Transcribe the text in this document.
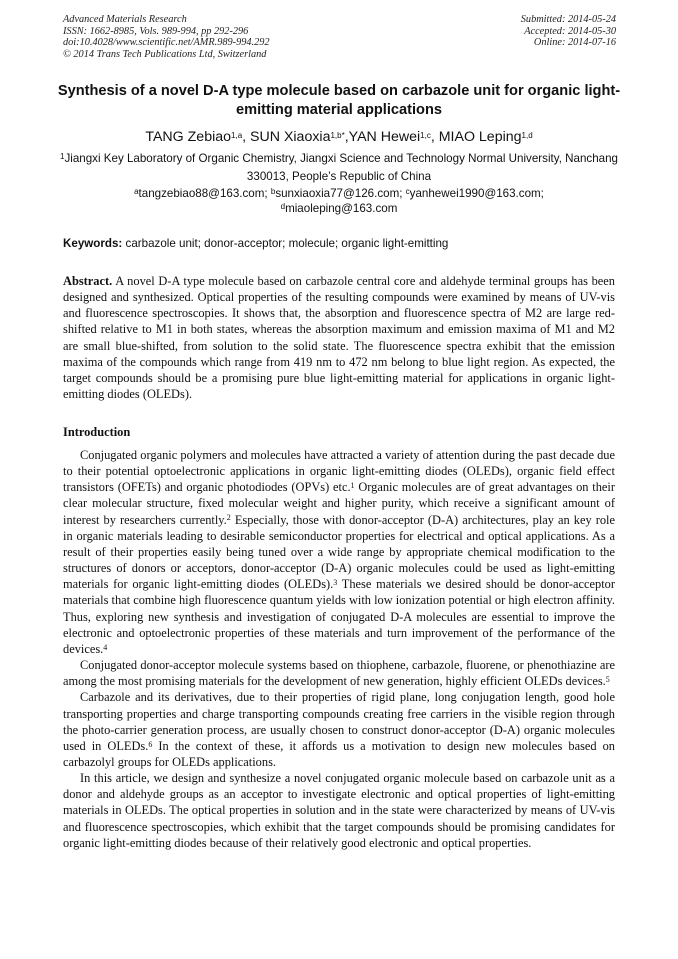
Advanced Materials Research
ISSN: 1662-8985, Vols. 989-994, pp 292-296
doi:10.4028/www.scientific.net/AMR.989-994.292
© 2014 Trans Tech Publications Ltd, Switzerland
Submitted: 2014-05-24
Accepted: 2014-05-30
Online: 2014-07-16
Synthesis of a novel D-A type molecule based on carbazole unit for organic light-emitting material applications
TANG Zebiao$^{1,a}$, SUN Xiaoxia$^{1,b*}$,YAN Hewei$^{1,c}$, MIAO Leping$^{1,d}$
$^1$Jiangxi Key Laboratory of Organic Chemistry, Jiangxi Science and Technology Normal University, Nanchang 330013, People’s Republic of China
$^a$tangzebiao88@163.com; $^b$sunxiaoxia77@126.com; $^c$yanhewei1990@163.com;
$^d$miaoleping@163.com
Keywords: carbazole unit; donor-acceptor; molecule; organic light-emitting
Abstract. A novel D-A type molecule based on carbazole central core and aldehyde terminal groups has been designed and synthesized. Optical properties of the resulting compounds were examined by means of UV-vis and fluorescence spectroscopies. It shows that, the absorption and fluorescence spectra of M2 are large red-shifted relative to M1 in both states, whereas the absorption maximum and emission maxima of M1 and M2 are small blue-shifted, from solution to the solid state. The fluorescence spectra exhibit that the emission maxima of the compounds which range from 419 nm to 472 nm belong to blue light region. As expected, the target compounds should be a promising pure blue light-emitting material for applications in organic light-emitting diodes (OLEDs).
Introduction

Conjugated organic polymers and molecules have attracted a variety of attention during the past decade due to their potential optoelectronic applications in organic light-emitting diodes (OLEDs), organic field effect transistors (OFETs) and organic photodiodes (OPVs) etc.$^1$ Organic molecules are of great advantages on their clear molecular structure, fixed molecular weight and higher purity, which receive a significant amount of interest by researchers currently.$^2$ Especially, those with donor-acceptor (D-A) architectures, play an key role in organic materials leading to desirable semiconductor properties for electrical and optical applications. As a result of their properties easily being tuned over a wide range by appropriate chemical modification to the structures of donors or acceptors, donor-acceptor (D-A) organic molecules could be used as light-emitting materials for organic light-emitting diodes (OLEDs).$^3$ These materials we desired should be donor-acceptor materials that combine high fluorescence quantum yields with low ionization potential or high electron affinity. Thus, exploring new synthesis and investigation of conjugated D-A molecules are essential to improve the electronic and optoelectronic properties of these materials and turn improvement of the performance of the devices.$^4$

Conjugated donor-acceptor molecule systems based on thiophene, carbazole, fluorene, or phenothiazine are among the most promising materials for the development of new generation, highly efficient OLEDs devices.$^5$

Carbazole and its derivatives, due to their properties of rigid plane, long conjugation length, good hole transporting properties and charge transporting compounds creating free carriers in the visible region through the photo-carrier generation process, are usually chosen to construct donor-acceptor (D-A) organic molecules used in OLEDs.$^6$ In the context of these, it affords us a motivation to design new molecules based on carbazolyl groups for OLEDs applications.

In this article, we design and synthesize a novel conjugated organic molecule based on carbazole unit as a donor and aldehyde groups as an acceptor to investigate electronic and optical properties of light-emitting materials in OLEDs. The optical properties in solution and in the state were characterized by means of UV-vis and fluorescence spectroscopies, which exhibit that the target compounds should be promising candidates for organic light-emitting diodes because of their relatively good electronic and optical properties.
